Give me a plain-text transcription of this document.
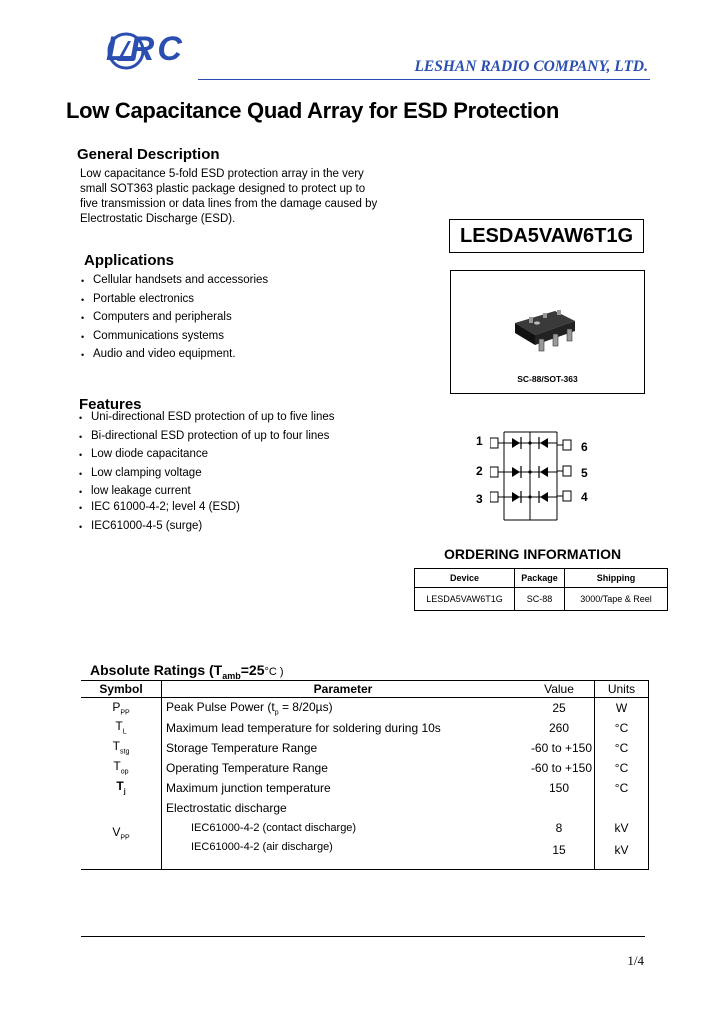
LRC	LESHAN RADIO COMPANY, LTD.
Low Capacitance Quad Array for ESD Protection
General Description
Low capacitance 5-fold ESD protection array in the very
small SOT363 plastic package designed to protect up to
five transmission or data lines from the damage caused by
Electrostatic Discharge (ESD).
LESDA5VAW6T1G
SC-88/SOT-363
Applications
• Cellular handsets and accessories
• Portable electronics
• Computers and peripherals
• Communications systems
• Audio and video equipment.
Features
• Uni-directional ESD protection of up to five lines
• Bi-directional ESD protection of up to four lines
• Low diode capacitance
• Low clamping voltage
• low leakage current
• IEC 61000-4-2; level 4 (ESD)
• IEC61000-4-5 (surge)
1
2
3
6
5
4
ORDERING INFORMATION
Device	Package	Shipping
LESDA5VAW6T1G	SC-88	3000/Tape & Reel
Absolute Ratings ($T_{amb}=25^\circ C$ )
Symbol	Parameter	Value	Units
$P_{PP}$	Peak Pulse Power $(t_p = 8/20\mu s)$	25	W
$T_L$	Maximum lead temperature for soldering during 10s	260	°C
$T_{stg}$	Storage Temperature Range	-60 to +150	°C
$T_{op}$	Operating Temperature Range	-60 to +150	°C
$T_j$	Maximum junction temperature	150	°C
$V_{PP}$	Electrostatic discharge		
	IEC61000-4-2 (contact discharge)	8	kV
	IEC61000-4-2 (air discharge)	15	kV
1/4
